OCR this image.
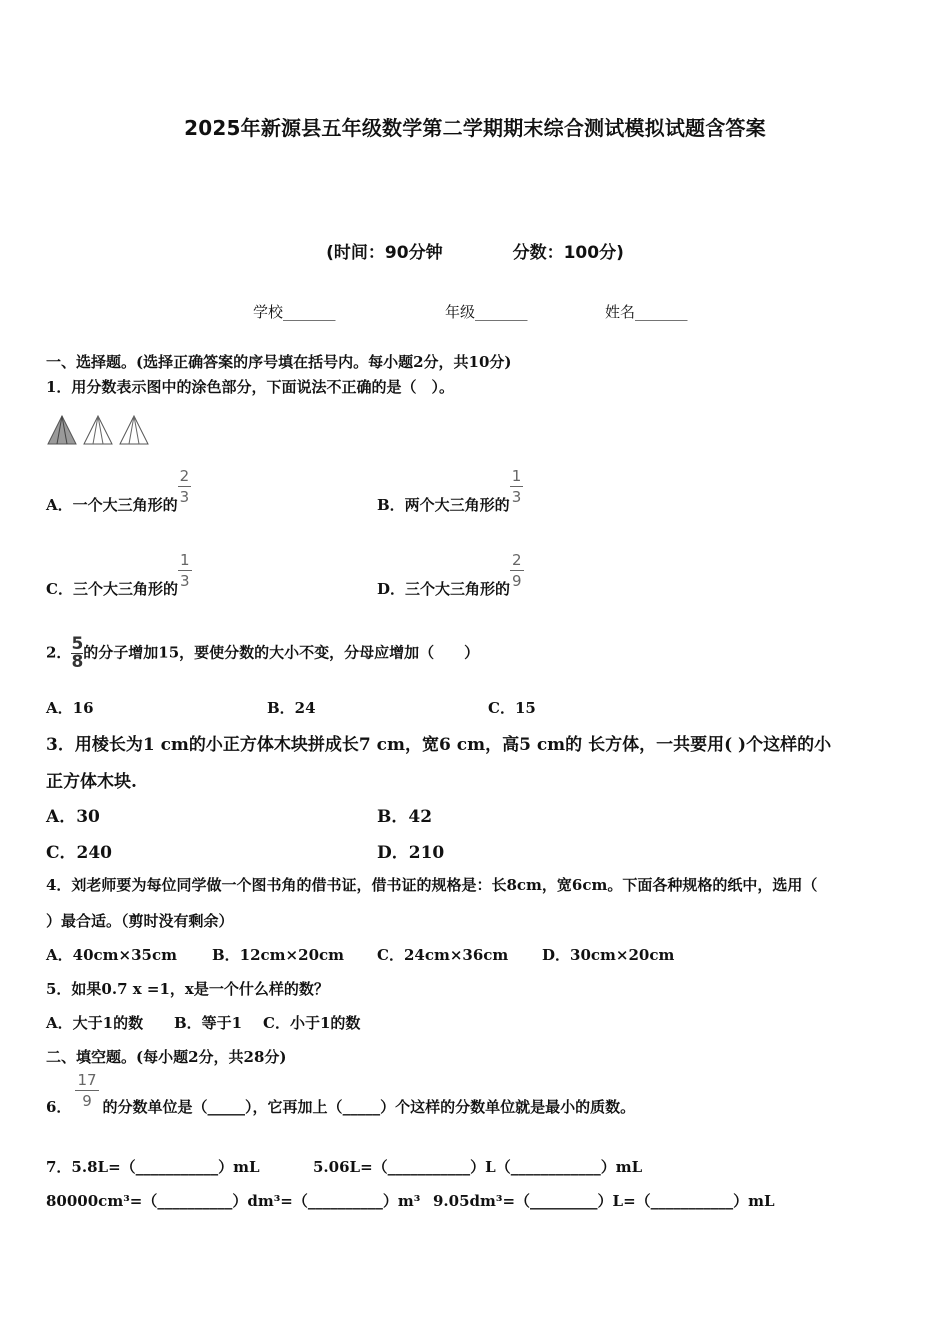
2025年新源县五年级数学第二学期期末综合测试模拟试题含答案
(时间：90分钟	分数：100分)
学校_______	年级_______	姓名_______
一、选择题。(选择正确答案的序号填在括号内。每小题2分，共10分)
1．用分数表示图中的涂色部分，下面说法不正确的是（　）。
A．一个大三角形的 $\frac{2}{3}$	B．两个大三角形的 $\frac{1}{3}$
C．三个大三角形的 $\frac{1}{3}$	D．三个大三角形的 $\frac{2}{9}$
2． $\frac{5}{8}$ 的分子增加15，要使分数的大小不变，分母应增加（　　）
A．16	B．24	C．15
3．用棱长为1 cm的小正方体木块拼成长7 cm，宽6 cm，高5 cm的 长方体，一共要用( )个这样的小
正方体木块.
A．30	B．42
C．240	D．210
4．刘老师要为每位同学做一个图书角的借书证，借书证的规格是：长8cm，宽6cm。下面各种规格的纸中，选用（
）最合适。（剪时没有剩余）
A．40cm×35cm B．12cm×20cm C．24cm×36cm D．30cm×20cm
5．如果0.7 x =1，x是一个什么样的数？
A．大于1的数 B．等于1 C．小于1的数
二、填空题。(每小题2分，共28分)
6． $\frac{17}{9}$ 的分数单位是（_____），它再加上（_____）个这样的分数单位就是最小的质数。
7．5.8L=（___________）mL	5.06L=（___________）L（____________）mL
80000cm³=（__________）dm³=（__________）m³ 9.05dm³=（_________）L=（___________）mL
